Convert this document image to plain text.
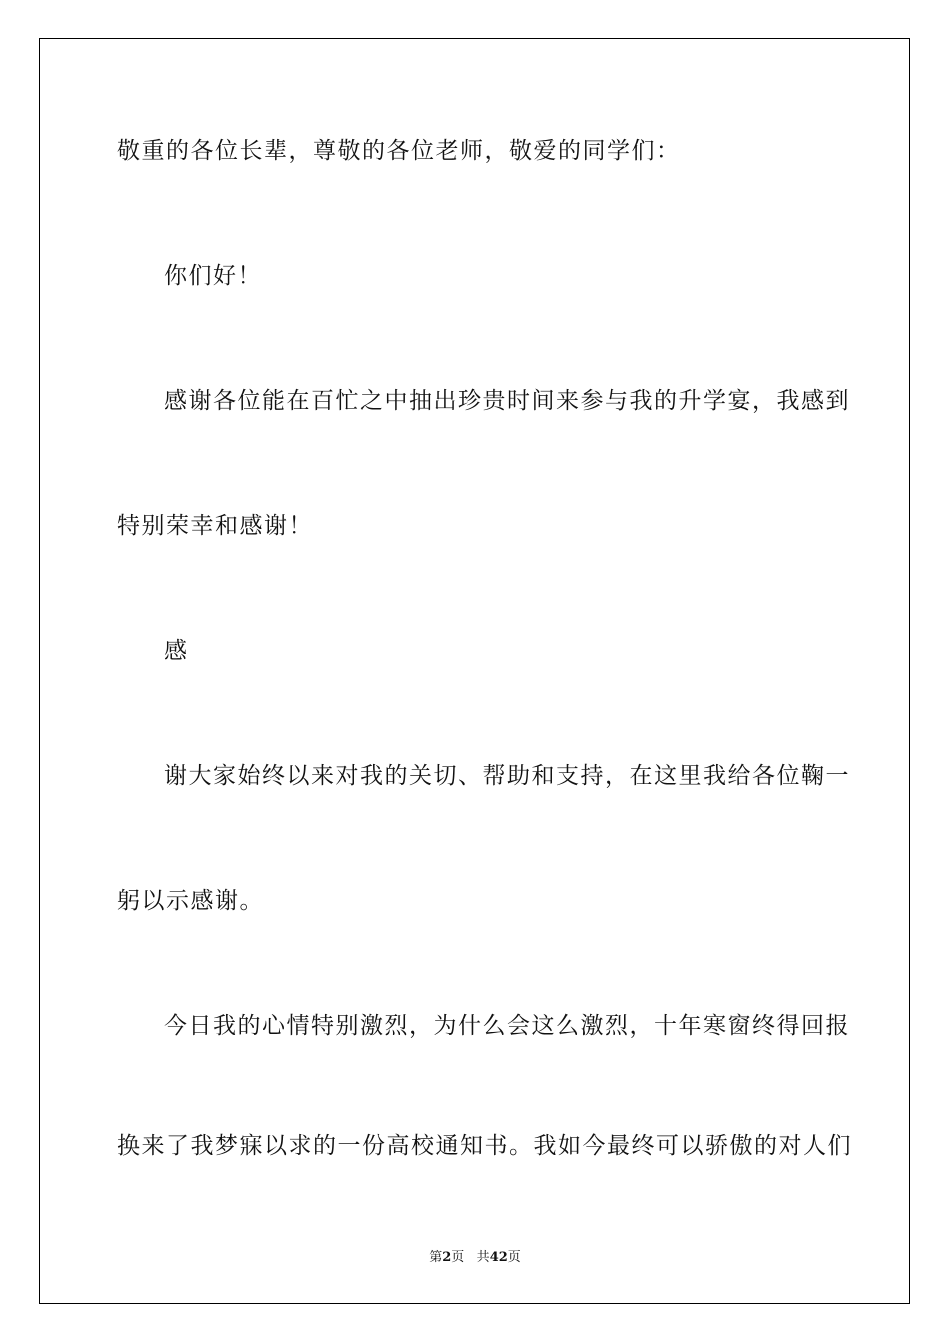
敬重的各位长辈，尊敬的各位老师，敬爱的同学们：
你们好！
感谢各位能在百忙之中抽出珍贵时间来参与我的升学宴，我感到
特别荣幸和感谢！
感
谢大家始终以来对我的关切、帮助和支持，在这里我给各位鞠一
躬以示感谢。
今日我的心情特别激烈，为什么会这么激烈，十年寒窗终得回报
换来了我梦寐以求的一份高校通知书。我如今最终可以骄傲的对人们
第2页 共42页
